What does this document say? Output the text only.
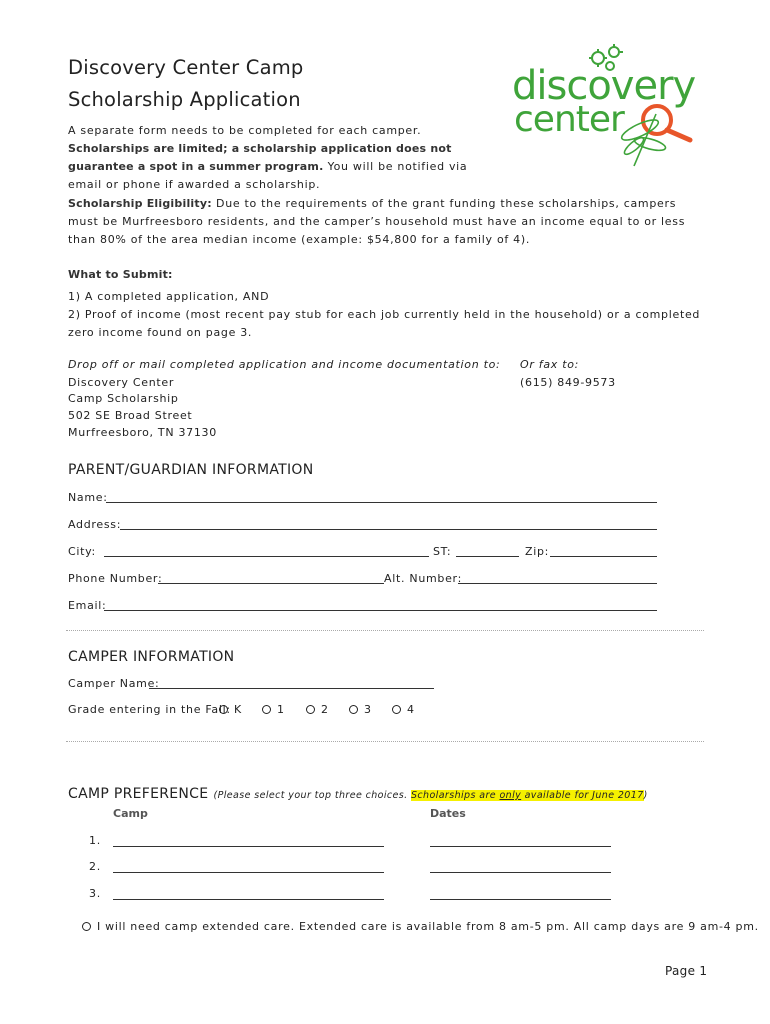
Discovery Center Camp
Scholarship Application	discovery
center

A separate form needs to be completed for each camper. Scholarships are limited; a scholarship application does not guarantee a spot in a summer program. You will be notified via email or phone if awarded a scholarship.

Scholarship Eligibility: Due to the requirements of the grant funding these scholarships, campers must be Murfreesboro residents, and the camper’s household must have an income equal to or less than 80% of the area median income (example: $54,800 for a family of 4).

What to Submit:

1) A completed application, AND
2) Proof of income (most recent pay stub for each job currently held in the household) or a completed zero income found on page 3.

Drop off or mail completed application and income documentation to: Or fax to:
Discovery Center	(615) 849-9573
Camp Scholarship
502 SE Broad Street
Murfreesboro, TN 37130
PARENT/GUARDIAN INFORMATION
Name:
Address:
City:	ST:	Zip:
Phone Number:	Alt. Number:
Email:
CAMPER INFORMATION
Camper Name:
Grade entering in the Fall: K	1	2	3	4
CAMP PREFERENCE (Please select your top three choices. Scholarships are only available for June 2017)
Camp	Dates
1.
2.
3.
I will need camp extended care. Extended care is available from 8 am-5 pm. All camp days are 9 am-4 pm.
Page 1
